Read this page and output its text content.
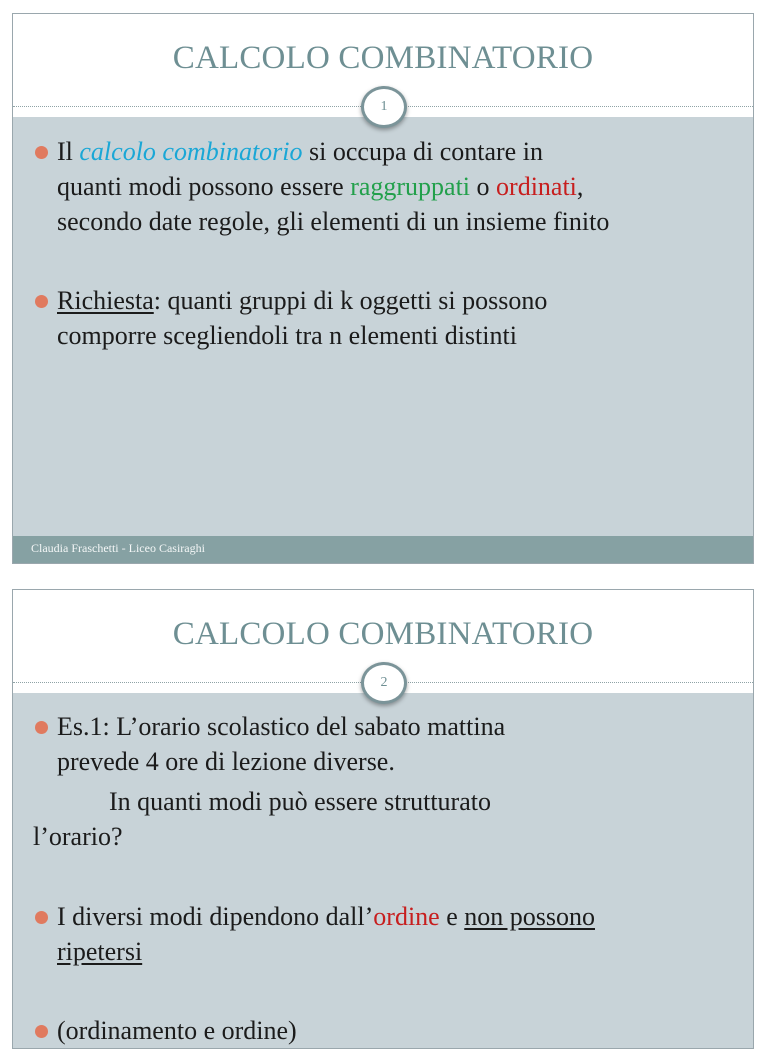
CALCOLO COMBINATORIO
1
Il calcolo combinatorio si occupa di contare in
quanti modi possono essere raggruppati o ordinati,
secondo date regole, gli elementi di un insieme finito
Richiesta: quanti gruppi di k oggetti si possono
comporre scegliendoli tra n elementi distinti
Claudia Fraschetti - Liceo Casiraghi
CALCOLO COMBINATORIO
2
Es.1: L’orario scolastico del sabato mattina
prevede 4 ore di lezione diverse.
In quanti modi può essere strutturato
l’orario?
I diversi modi dipendono dall’ordine e non possono
ripetersi
(ordinamento e ordine)
